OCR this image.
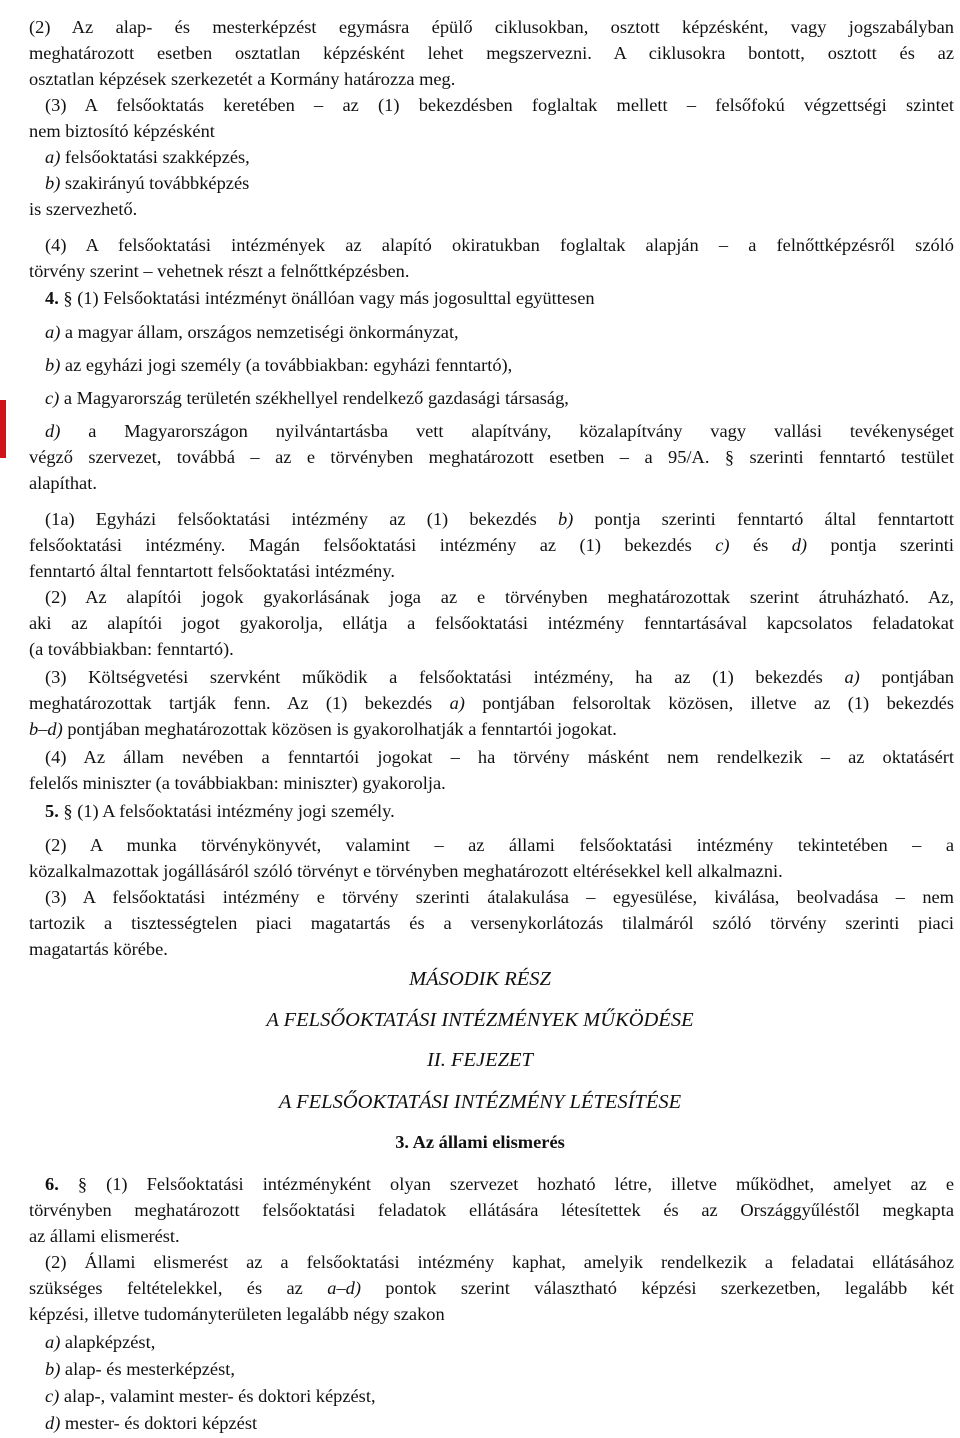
(2) Az alap- és mesterképzést egymásra épülő ciklusokban, osztott képzésként, vagy jogszabályban
meghatározott esetben osztatlan képzésként lehet megszervezni. A ciklusokra bontott, osztott és az
osztatlan képzések szerkezetét a Kormány határozza meg.
(3) A felsőoktatás keretében – az (1) bekezdésben foglaltak mellett – felsőfokú végzettségi szintet
nem biztosító képzésként
a) felsőoktatási szakképzés,
b) szakirányú továbbképzés
is szervezhető.
(4) A felsőoktatási intézmények az alapító okiratukban foglaltak alapján – a felnőttképzésről szóló
törvény szerint – vehetnek részt a felnőttképzésben.
4. § (1) Felsőoktatási intézményt önállóan vagy más jogosulttal együttesen
a) a magyar állam, országos nemzetiségi önkormányzat,
b) az egyházi jogi személy (a továbbiakban: egyházi fenntartó),
c) a Magyarország területén székhellyel rendelkező gazdasági társaság,
d) a Magyarországon nyilvántartásba vett alapítvány, közalapítvány vagy vallási tevékenységet
végző szervezet, továbbá – az e törvényben meghatározott esetben – a 95/A. § szerinti fenntartó testület
alapíthat.
(1a) Egyházi felsőoktatási intézmény az (1) bekezdés b) pontja szerinti fenntartó által fenntartott
felsőoktatási intézmény. Magán felsőoktatási intézmény az (1) bekezdés c) és d) pontja szerinti
fenntartó által fenntartott felsőoktatási intézmény.
(2) Az alapítói jogok gyakorlásának joga az e törvényben meghatározottak szerint átruházható. Az,
aki az alapítói jogot gyakorolja, ellátja a felsőoktatási intézmény fenntartásával kapcsolatos feladatokat
(a továbbiakban: fenntartó).
(3) Költségvetési szervként működik a felsőoktatási intézmény, ha az (1) bekezdés a) pontjában
meghatározottak tartják fenn. Az (1) bekezdés a) pontjában felsoroltak közösen, illetve az (1) bekezdés
b–d) pontjában meghatározottak közösen is gyakorolhatják a fenntartói jogokat.
(4) Az állam nevében a fenntartói jogokat – ha törvény másként nem rendelkezik – az oktatásért
felelős miniszter (a továbbiakban: miniszter) gyakorolja.
5. § (1) A felsőoktatási intézmény jogi személy.
(2) A munka törvénykönyvét, valamint – az állami felsőoktatási intézmény tekintetében – a
közalkalmazottak jogállásáról szóló törvényt e törvényben meghatározott eltérésekkel kell alkalmazni.
(3) A felsőoktatási intézmény e törvény szerinti átalakulása – egyesülése, kiválása, beolvadása – nem
tartozik a tisztességtelen piaci magatartás és a versenykorlátozás tilalmáról szóló törvény szerinti piaci
magatartás körébe.
MÁSODIK RÉSZ
A FELSŐOKTATÁSI INTÉZMÉNYEK MŰKÖDÉSE
II. FEJEZET
A FELSŐOKTATÁSI INTÉZMÉNY LÉTESÍTÉSE
3. Az állami elismerés
6. § (1) Felsőoktatási intézményként olyan szervezet hozható létre, illetve működhet, amelyet az e
törvényben meghatározott felsőoktatási feladatok ellátására létesítettek és az Országgyűléstől megkapta
az állami elismerést.
(2) Állami elismerést az a felsőoktatási intézmény kaphat, amelyik rendelkezik a feladatai ellátásához
szükséges feltételekkel, és az a–d) pontok szerint választható képzési szerkezetben, legalább két
képzési, illetve tudományterületen legalább négy szakon
a) alapképzést,
b) alap- és mesterképzést,
c) alap-, valamint mester- és doktori képzést,
d) mester- és doktori képzést
